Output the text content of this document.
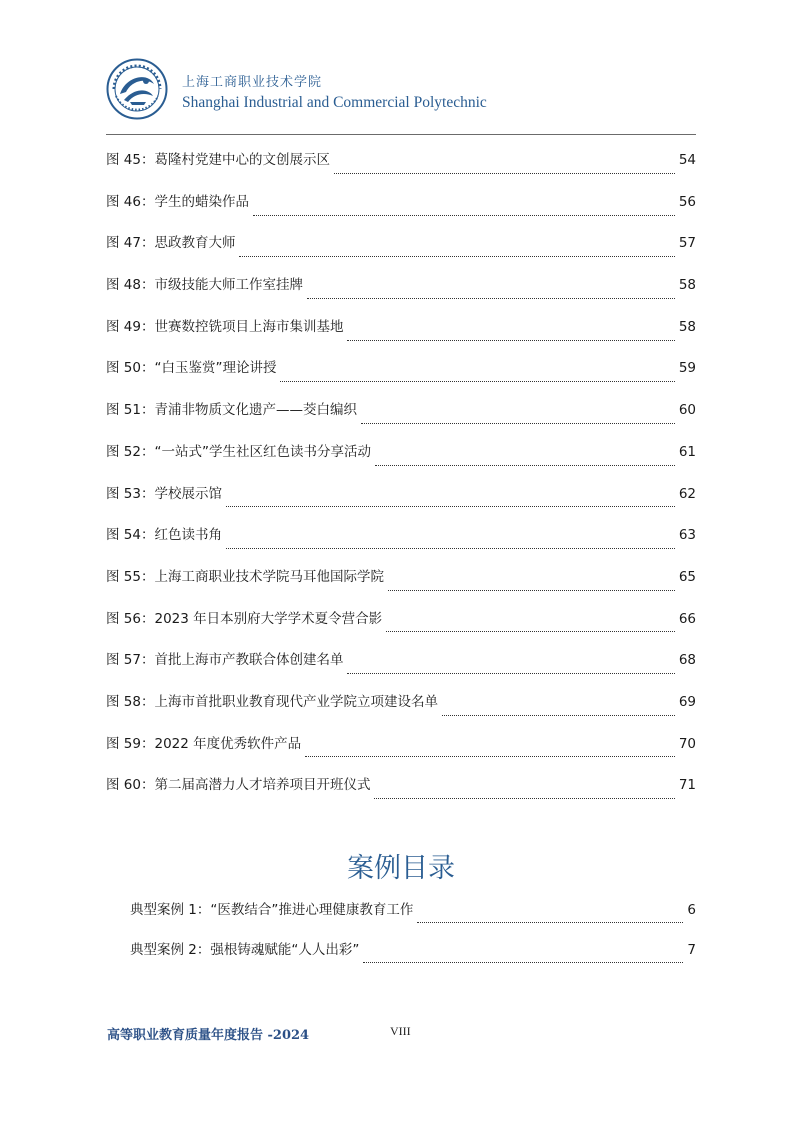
上海工商职业技术学院
Shanghai Industrial and Commercial Polytechnic
图 45： 葛隆村党建中心的文创展示区	54
图 46： 学生的蜡染作品	56
图 47： 思政教育大师	57
图 48： 市级技能大师工作室挂牌	58
图 49： 世赛数控铣项目上海市集训基地	58
图 50： “白玉鉴赏”理论讲授	59
图 51： 青浦非物质文化遗产——茭白编织	60
图 52： “一站式”学生社区红色读书分享活动	61
图 53： 学校展示馆	62
图 54： 红色读书角	63
图 55： 上海工商职业技术学院马耳他国际学院	65
图 56： 2023 年日本别府大学学术夏令营合影	66
图 57： 首批上海市产教联合体创建名单	68
图 58： 上海市首批职业教育现代产业学院立项建设名单	69
图 59： 2022 年度优秀软件产品	70
图 60： 第二届高潜力人才培养项目开班仪式	71
案例目录
典型案例 1： “医教结合”推进心理健康教育工作	6
典型案例 2： 强根铸魂赋能“人人出彩”	7
高等职业教育质量年度报告 -2024	VIII
